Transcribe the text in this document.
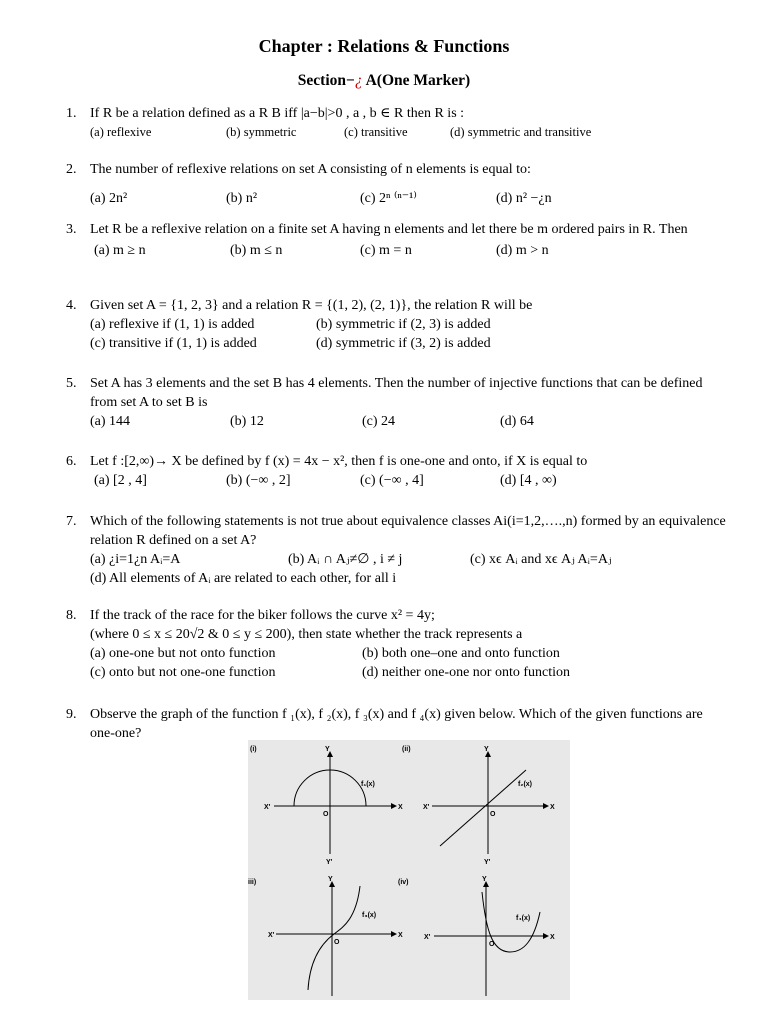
Chapter : Relations & Functions
Section−¿ A(One Marker)
1. If R be a relation defined as a R B iff |a−b|>0 , a , b ∈ R then R is :
(a) reflexive	(b) symmetric	(c) transitive	(d) symmetric and transitive
2. The number of reflexive relations on set A consisting of n elements is equal to:
(a) 2n²	(b) n²	(c) 2ⁿ ⁽ⁿ⁻¹⁾	(d) n² −¿n
3. Let R be a reflexive relation on a finite set A having n elements and let there be m ordered pairs in R. Then
(a) m ≥ n	(b) m ≤ n	(c) m = n	(d) m > n
4. Given set A = {1, 2, 3} and a relation R = {(1, 2), (2, 1)}, the relation R will be
(a) reflexive if (1, 1) is added	(b) symmetric if (2, 3) is added
(c) transitive if (1, 1) is added	(d) symmetric if (3, 2) is added
5. Set A has 3 elements and the set B has 4 elements. Then the number of injective functions that can be defined from set A to set B is
(a) 144	(b) 12	(c) 24	(d) 64
6. Let f :[2,∞)→ X be defined by f (x) = 4x − x², then f is one-one and onto, if X is equal to
(a) [2 , 4]	(b) (−∞ , 2]	(c) (−∞ , 4]	(d) [4 , ∞)
7. Which of the following statements is not true about equivalence classes Ai(i=1,2,….,n) formed by an equivalence relation R defined on a set A?
(a) ¿i=1¿n Aᵢ=A	(b) Aᵢ ∩ Aⱼ≠∅ , i ≠ j	(c) xϵ Aᵢ and xϵ Aⱼ Aᵢ=Aⱼ
(d) All elements of Aᵢ are related to each other, for all i
8. If the track of the race for the biker follows the curve x² = 4y;
(where 0 ≤ x ≤ 20√2 & 0 ≤ y ≤ 200), then state whether the track represents a
(a) one-one but not onto function	(b) both one–one and onto function
(c) onto but not one-one function	(d) neither one-one nor onto function
9. Observe the graph of the function f ₁(x), f ₂(x), f ₃(x) and f ₄(x) given below. Which of the given functions are one-one?
(i)
f₁(x)
X'	X
Y
Y'
O
(ii)
f₂(x)
X'	X
Y
Y'
O
iii)
f₃(x)
X'	X
Y
O
(iv)
f₄(x)
X'	X
Y
O
